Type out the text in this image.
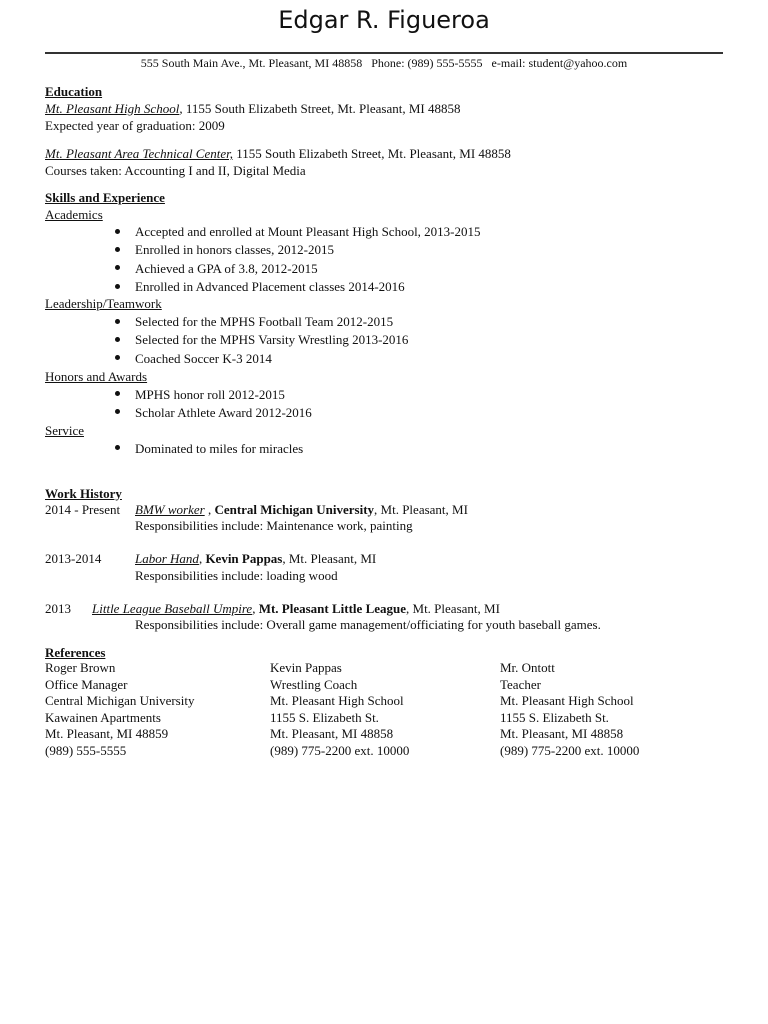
Edgar R. Figueroa
555 South Main Ave., Mt. Pleasant, MI 48858 Phone: (989) 555-5555 e-mail: student@yahoo.com
Education
Mt. Pleasant High School, 1155 South Elizabeth Street, Mt. Pleasant, MI 48858
Expected year of graduation: 2009
Mt. Pleasant Area Technical Center, 1155 South Elizabeth Street, Mt. Pleasant, MI 48858
Courses taken: Accounting I and II, Digital Media
Skills and Experience
Academics
Accepted and enrolled at Mount Pleasant High School, 2013-2015
Enrolled in honors classes, 2012-2015
Achieved a GPA of 3.8, 2012-2015
Enrolled in Advanced Placement classes 2014-2016
Leadership/Teamwork
Selected for the MPHS Football Team 2012-2015
Selected for the MPHS Varsity Wrestling 2013-2016
Coached Soccer K-3 2014
Honors and Awards
MPHS honor roll 2012-2015
Scholar Athlete Award 2012-2016
Service
Dominated to miles for miracles
Work History
2014 - Present BMW worker , Central Michigan University, Mt. Pleasant, MI
Responsibilities include: Maintenance work, painting
2013-2014	Labor Hand, Kevin Pappas, Mt. Pleasant, MI
Responsibilities include: loading wood
2013 Little League Baseball Umpire, Mt. Pleasant Little League, Mt. Pleasant, MI
Responsibilities include: Overall game management/officiating for youth baseball games.
References
Roger Brown
Office Manager
Central Michigan University
Kawainen Apartments
Mt. Pleasant, MI 48859
(989) 555-5555
Kevin Pappas
Wrestling Coach
Mt. Pleasant High School
1155 S. Elizabeth St.
Mt. Pleasant, MI 48858
(989) 775-2200 ext. 10000
Mr. Ontott
Teacher
Mt. Pleasant High School
1155 S. Elizabeth St.
Mt. Pleasant, MI 48858
(989) 775-2200 ext. 10000
